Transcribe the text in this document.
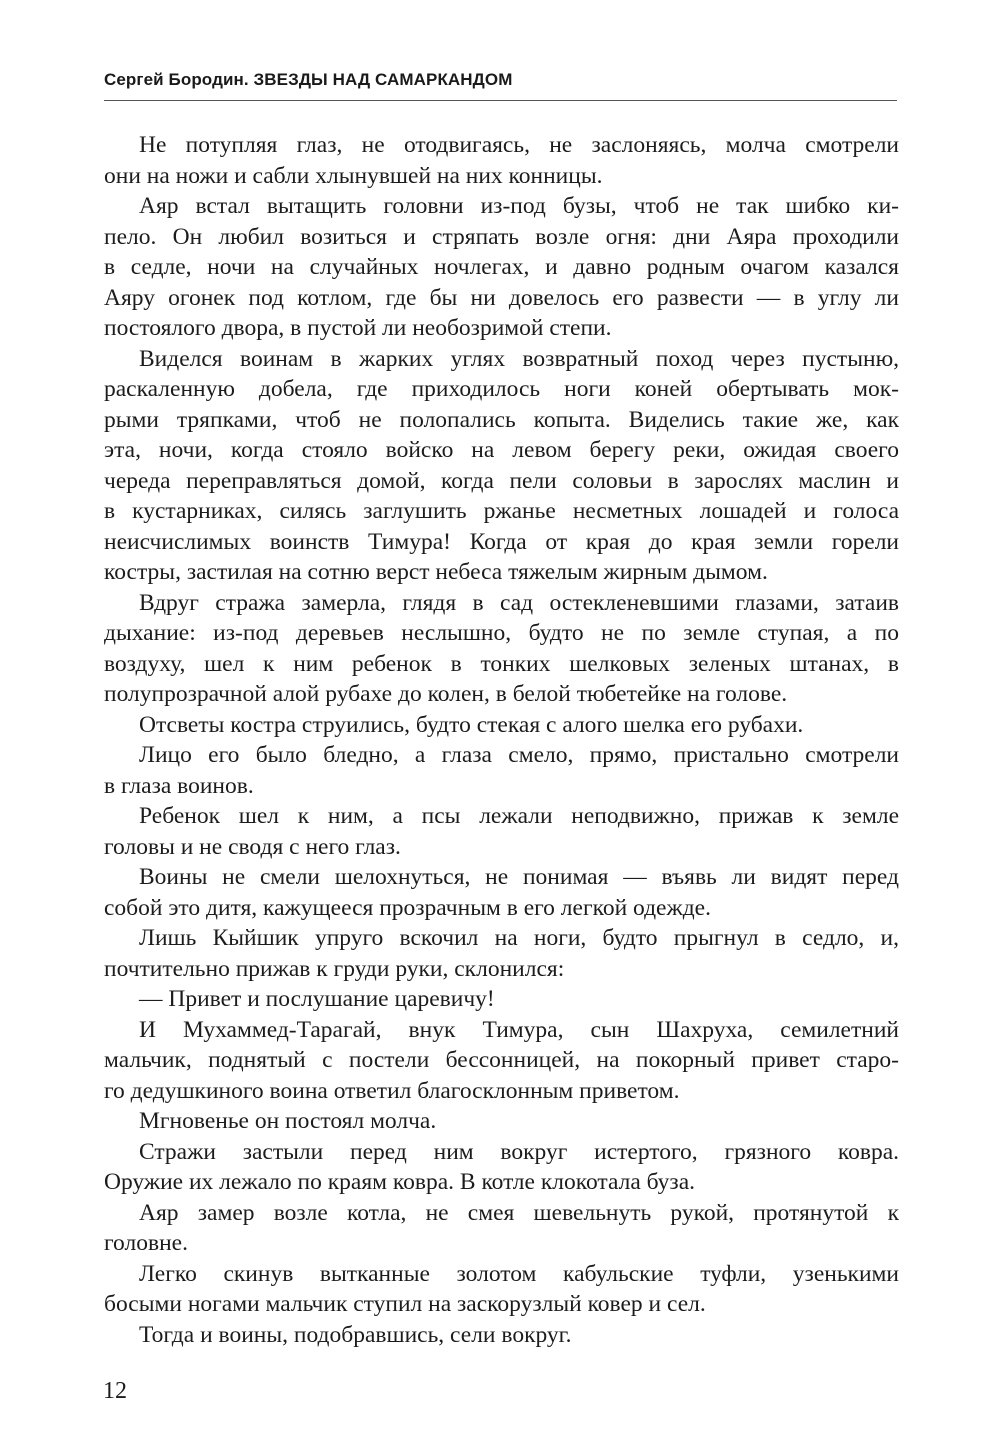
Сергей Бородин. ЗВЕЗДЫ НАД САМАРКАНДОМ
Не потупляя глаз, не отодвигаясь, не заслоняясь, молча смотрели
они на ножи и сабли хлынувшей на них конницы.
Аяр встал вытащить головни из-под бузы, чтоб не так шибко ки-
пело. Он любил возиться и стряпать возле огня: дни Аяра проходили
в седле, ночи на случайных ночлегах, и давно родным очагом казался
Аяру огонек под котлом, где бы ни довелось его развести — в углу ли
постоялого двора, в пустой ли необозримой степи.
Виделся воинам в жарких углях возвратный поход через пустыню,
раскаленную добела, где приходилось ноги коней обертывать мок-
рыми тряпками, чтоб не полопались копыта. Виделись такие же, как
эта, ночи, когда стояло войско на левом берегу реки, ожидая своего
череда переправляться домой, когда пели соловьи в зарослях маслин и
в кустарниках, силясь заглушить ржанье несметных лошадей и голоса
неисчислимых воинств Тимура! Когда от края до края земли горели
костры, застилая на сотню верст небеса тяжелым жирным дымом.
Вдруг стража замерла, глядя в сад остекленевшими глазами, затаив
дыхание: из-под деревьев неслышно, будто не по земле ступая, а по
воздуху, шел к ним ребенок в тонких шелковых зеленых штанах, в
полупрозрачной алой рубахе до колен, в белой тюбетейке на голове.
Отсветы костра струились, будто стекая с алого шелка его рубахи.
Лицо его было бледно, а глаза смело, прямо, пристально смотрели
в глаза воинов.
Ребенок шел к ним, а псы лежали неподвижно, прижав к земле
головы и не сводя с него глаз.
Воины не смели шелохнуться, не понимая — въявь ли видят перед
собой это дитя, кажущееся прозрачным в его легкой одежде.
Лишь Кыйшик упруго вскочил на ноги, будто прыгнул в седло, и,
почтительно прижав к груди руки, склонился:
— Привет и послушание царевичу!
И Мухаммед-Тарагай, внук Тимура, сын Шахруха, семилетний
мальчик, поднятый с постели бессонницей, на покорный привет старо-
го дедушкиного воина ответил благосклонным приветом.
Мгновенье он постоял молча.
Стражи застыли перед ним вокруг истертого, грязного ковра.
Оружие их лежало по краям ковра. В котле клокотала буза.
Аяр замер возле котла, не смея шевельнуть рукой, протянутой к
головне.
Легко скинув вытканные золотом кабульские туфли, узенькими
босыми ногами мальчик ступил на заскорузлый ковер и сел.
Тогда и воины, подобравшись, сели вокруг.
12
